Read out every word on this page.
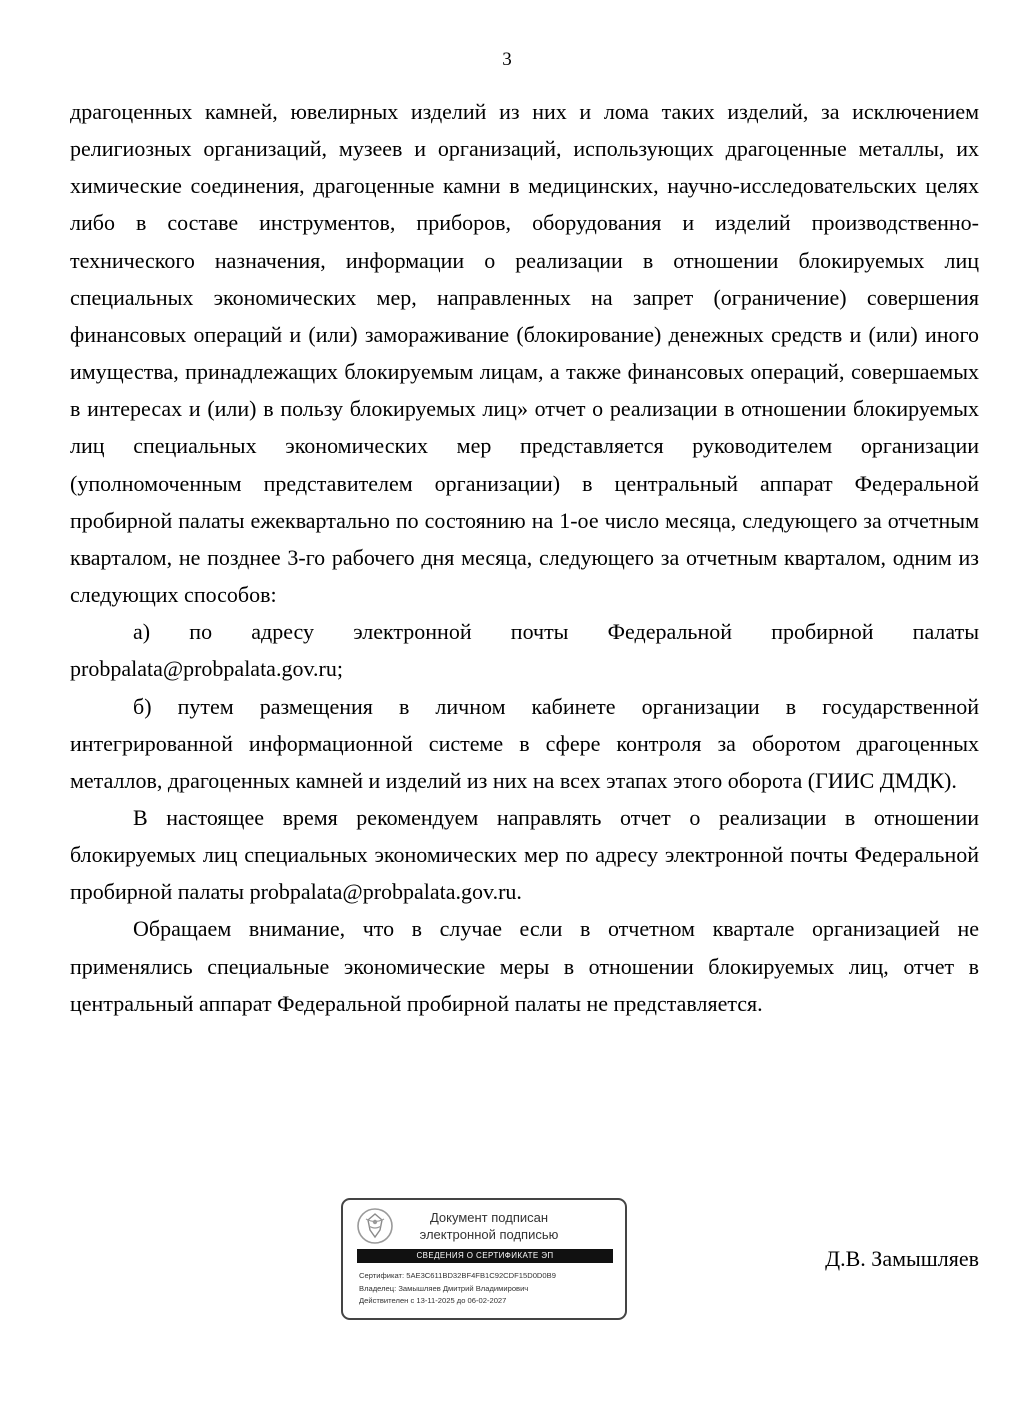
3

драгоценных камней, ювелирных изделий из них и лома таких изделий, за исключением религиозных организаций, музеев и организаций, использующих драгоценные металлы, их химические соединения, драгоценные камни в медицинских, научно-исследовательских целях либо в составе инструментов, приборов, оборудования и изделий производственно-технического назначения, информации о реализации в отношении блокируемых лиц специальных экономических мер, направленных на запрет (ограничение) совершения финансовых операций и (или) замораживание (блокирование) денежных средств и (или) иного имущества, принадлежащих блокируемым лицам, а также финансовых операций, совершаемых в интересах и (или) в пользу блокируемых лиц» отчет о реализации в отношении блокируемых лиц специальных экономических мер представляется руководителем организации (уполномоченным представителем организации) в центральный аппарат Федеральной пробирной палаты ежеквартально по состоянию на 1-ое число месяца, следующего за отчетным кварталом, не позднее 3-го рабочего дня месяца, следующего за отчетным кварталом, одним из следующих способов:

а) по адресу электронной почты Федеральной пробирной палаты probpalata@probpalata.gov.ru;

б) путем размещения в личном кабинете организации в государственной интегрированной информационной системе в сфере контроля за оборотом драгоценных металлов, драгоценных камней и изделий из них на всех этапах этого оборота (ГИИС ДМДК).

В настоящее время рекомендуем направлять отчет о реализации в отношении блокируемых лиц специальных экономических мер по адресу электронной почты Федеральной пробирной палаты probpalata@probpalata.gov.ru.

Обращаем внимание, что в случае если в отчетном квартале организацией не применялись специальные экономические меры в отношении блокируемых лиц, отчет в центральный аппарат Федеральной пробирной палаты не представляется.

Документ подписан
электронной подписью
СВЕДЕНИЯ О СЕРТИФИКАТЕ ЭП
Сертификат: 5AE3C611BD32BF4FB1C92CDF15D0D0B9
Владелец: Замышляев Дмитрий Владимирович
Действителен с 13-11-2025 до 06-02-2027
Д.В. Замышляев
